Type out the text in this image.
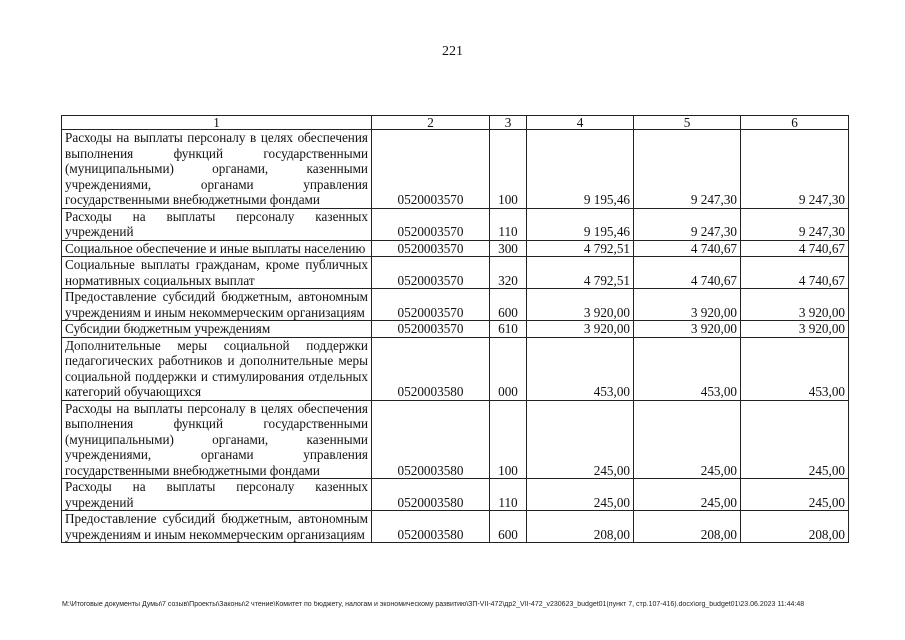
221
1	2	3	4	5	6
Расходы на выплаты персоналу в целях обеспечения выполнения функций государственными (муниципальными) органами, казенными учреждениями, органами управления государственными внебюджетными фондами	0520003570	100	9 195,46	9 247,30	9 247,30
Расходы на выплаты персоналу казенных учреждений	0520003570	110	9 195,46	9 247,30	9 247,30
Социальное обеспечение и иные выплаты населению	0520003570	300	4 792,51	4 740,67	4 740,67
Социальные выплаты гражданам, кроме публичных нормативных социальных выплат	0520003570	320	4 792,51	4 740,67	4 740,67
Предоставление субсидий бюджетным, автономным учреждениям и иным некоммерческим организациям	0520003570	600	3 920,00	3 920,00	3 920,00
Субсидии бюджетным учреждениям	0520003570	610	3 920,00	3 920,00	3 920,00
Дополнительные меры социальной поддержки педагогических работников и дополнительные меры социальной поддержки и стимулирования отдельных категорий обучающихся	0520003580	000	453,00	453,00	453,00
Расходы на выплаты персоналу в целях обеспечения выполнения функций государственными (муниципальными) органами, казенными учреждениями, органами управления государственными внебюджетными фондами	0520003580	100	245,00	245,00	245,00
Расходы на выплаты персоналу казенных учреждений	0520003580	110	245,00	245,00	245,00
Предоставление субсидий бюджетным, автономным учреждениям и иным некоммерческим организациям	0520003580	600	208,00	208,00	208,00
M:\Итоговые документы Думы\7 созыв\Проекты\Законы\2 чтение\Комитет по бюджету, налогам и экономическому развитию\ЗП-VII-472\др2_VII-472_v230623_budget01(пункт 7, стр.107-416).docx\org_budget01\23.06.2023 11:44:48
